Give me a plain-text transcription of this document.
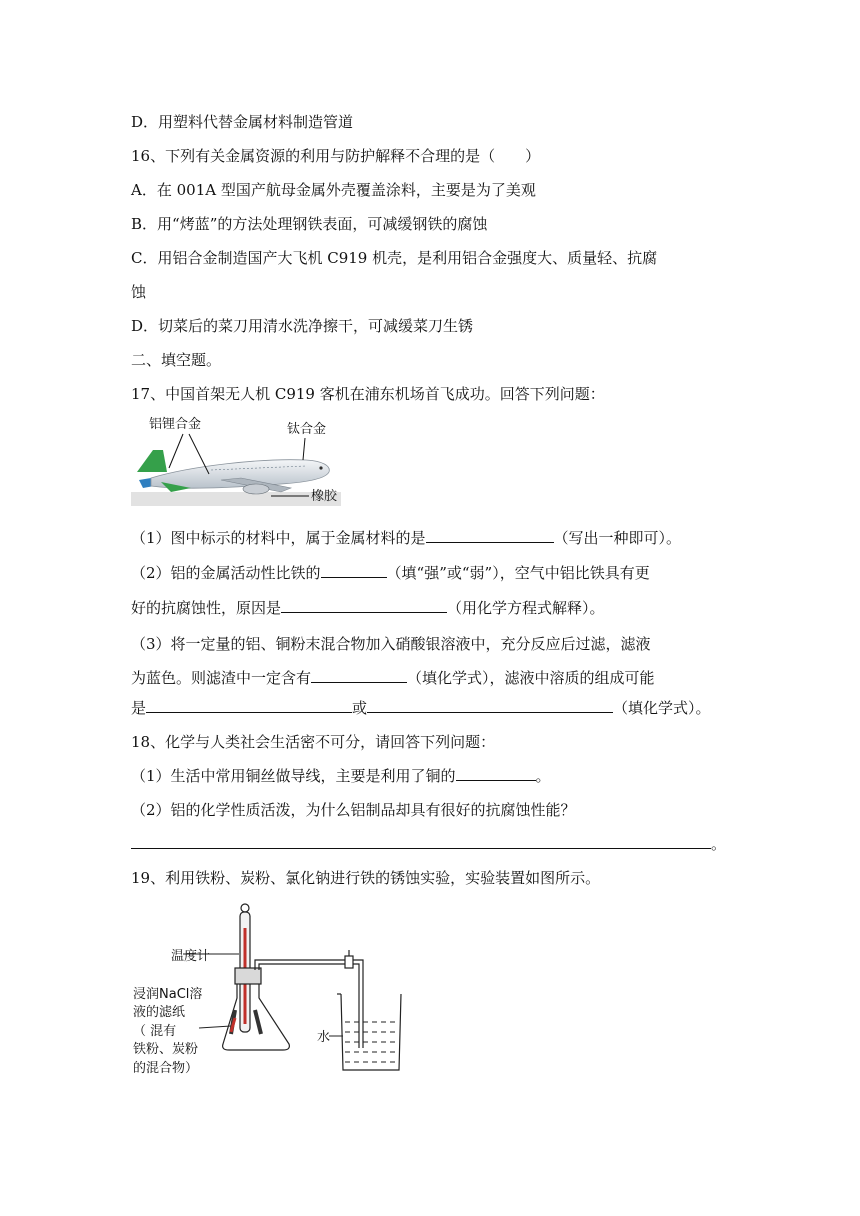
D．用塑料代替金属材料制造管道
16、下列有关金属资源的利用与防护解释不合理的是（　　）
A．在 001A 型国产航母金属外壳覆盖涂料，主要是为了美观
B．用“烤蓝”的方法处理钢铁表面，可减缓钢铁的腐蚀
C．用铝合金制造国产大飞机 C919 机壳，是利用铝合金强度大、质量轻、抗腐
蚀
D．切菜后的菜刀用清水洗净擦干，可减缓菜刀生锈
二、填空题。
17、中国首架无人机 C919 客机在浦东机场首飞成功。回答下列问题：
铝锂合金	钛合金
橡胶
（1）图中标示的材料中，属于金属材料的是	（写出一种即可）。
（2）铝的金属活动性比铁的	（填“强”或“弱”），空气中铝比铁具有更
好的抗腐蚀性，原因是	（用化学方程式解释）。
（3）将一定量的铝、铜粉末混合物加入硝酸银溶液中，充分反应后过滤，滤液
为蓝色。则滤渣中一定含有	（填化学式），滤液中溶质的组成可能
是	或	（填化学式）。
18、化学与人类社会生活密不可分，请回答下列问题：
（1）生活中常用铜丝做导线，主要是利用了铜的	。
（2）铝的化学性质活泼，为什么铝制品却具有很好的抗腐蚀性能？
。
19、利用铁粉、炭粉、氯化钠进行铁的锈蚀实验，实验装置如图所示。
温度计
浸润NaCl溶
液的滤纸
（ 混有
铁粉、炭粉
的混合物）
水
